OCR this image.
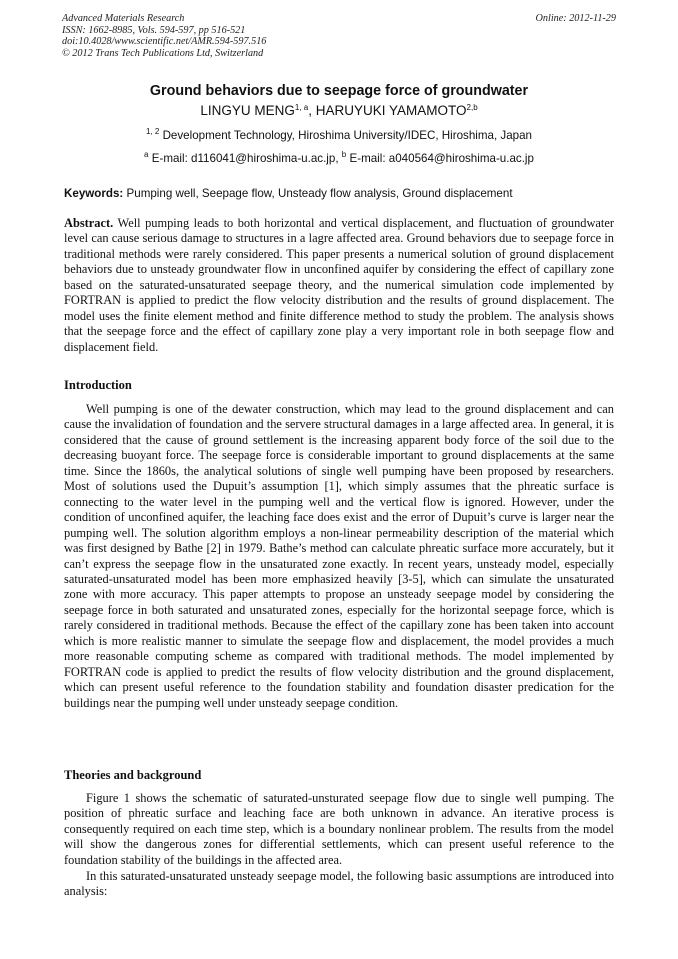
Advanced Materials Research
ISSN: 1662-8985, Vols. 594-597, pp 516-521
doi:10.4028/www.scientific.net/AMR.594-597.516
© 2012 Trans Tech Publications Ltd, Switzerland
Online: 2012-11-29
Ground behaviors due to seepage force of groundwater
LINGYU MENG$^{1, a}$, HARUYUKI YAMAMOTO$^{2,b}$
$^{1, 2}$ Development Technology, Hiroshima University/IDEC, Hiroshima, Japan
$^a$ E-mail: d116041@hiroshima-u.ac.jp, $^b$ E-mail: a040564@hiroshima-u.ac.jp
Keywords: Pumping well, Seepage flow, Unsteady flow analysis, Ground displacement
Abstract. Well pumping leads to both horizontal and vertical displacement, and fluctuation of groundwater level can cause serious damage to structures in a lagre affected area. Ground behaviors due to seepage force in traditional methods were rarely considered. This paper presents a numerical solution of ground displacement behaviors due to unsteady groundwater flow in unconfined aquifer by considering the effect of capillary zone based on the saturated-unsaturated seepage theory, and the numerical simulation code implemented by FORTRAN is applied to predict the flow velocity distribution and the results of ground displacement. The model uses the finite element method and finite difference method to study the problem. The analysis shows that the seepage force and the effect of capillary zone play a very important role in both seepage flow and displacement field.
Introduction
Well pumping is one of the dewater construction, which may lead to the ground displacement and can cause the invalidation of foundation and the servere structural damages in a large affected area. In general, it is considered that the cause of ground settlement is the increasing apparent body force of the soil due to the decreasing buoyant force. The seepage force is considerable important to ground displacements at the same time. Since the 1860s, the analytical solutions of single well pumping have been proposed by researchers. Most of solutions used the Dupuit’s assumption [1], which simply assumes that the phreatic surface is connecting to the water level in the pumping well and the vertical flow is ignored. However, under the condition of unconfined aquifer, the leaching face does exist and the error of Dupuit’s curve is larger near the pumping well. The solution algorithm employs a non-linear permeability description of the material which was first designed by Bathe [2] in 1979. Bathe’s method can calculate phreatic surface more accurately, but it can’t express the seepage flow in the unsaturated zone exactly. In recent years, unsteady model, especially saturated-unsaturated model has been more emphasized heavily [3-5], which can simulate the unsaturated zone with more accuracy. This paper attempts to propose an unsteady seepage model by considering the seepage force in both saturated and unsaturated zones, especially for the horizontal seepage force, which is rarely considered in traditional methods. Because the effect of the capillary zone has been taken into account which is more realistic manner to simulate the seepage flow and displacement, the model provides a much more reasonable computing scheme as compared with traditional methods. The model implemented by FORTRAN code is applied to predict the results of flow velocity distribution and the ground displacement, which can present useful reference to the foundation stability and foundation disaster predication for the buildings near the pumping well under unsteady seepage condition.
Theories and background
Figure 1 shows the schematic of saturated-unsturated seepage flow due to single well pumping. The position of phreatic surface and leaching face are both unknown in advance. An iterative process is consequently required on each time step, which is a boundary nonlinear problem. The results from the model will show the dangerous zones for differential settlements, which can present useful reference to the foundation stability of the buildings in the affected area.
In this saturated-unsaturated unsteady seepage model, the following basic assumptions are introduced into analysis:
